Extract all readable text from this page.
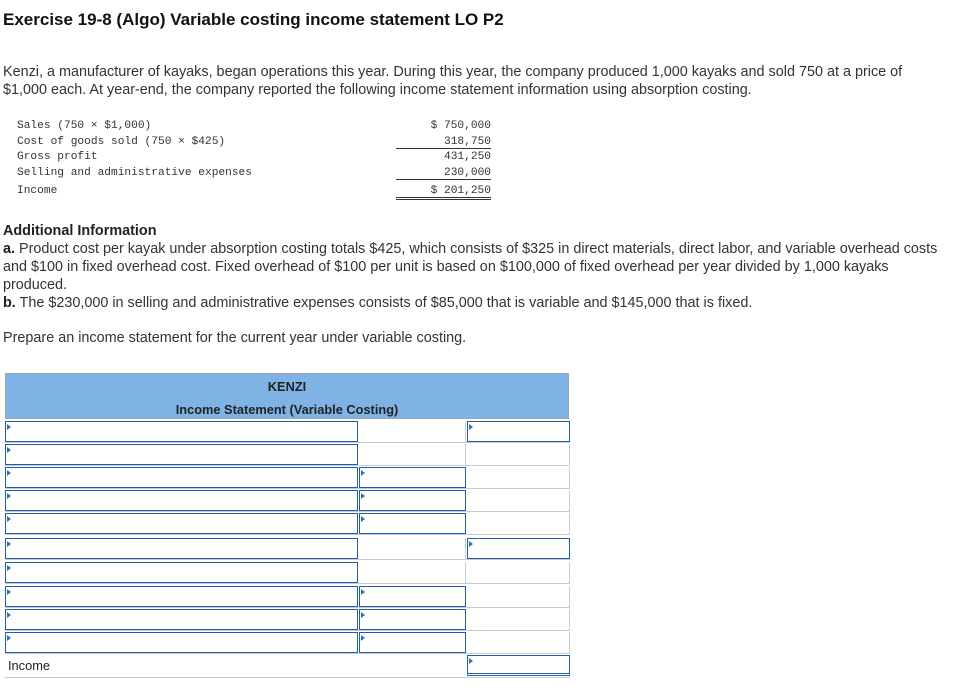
Exercise 19-8 (Algo) Variable costing income statement LO P2
Kenzi, a manufacturer of kayaks, began operations this year. During this year, the company produced 1,000 kayaks and sold 750 at a price of $1,000 each. At year-end, the company reported the following income statement information using absorption costing.
Sales (750 × $1,000)	$ 750,000
Cost of goods sold (750 × $425)	318,750
Gross profit	431,250
Selling and administrative expenses	230,000
Income	$ 201,250

Additional Information

a. Product cost per kayak under absorption costing totals $425, which consists of $325 in direct materials, direct labor, and variable overhead costs and $100 in fixed overhead cost. Fixed overhead of $100 per unit is based on $100,000 of fixed overhead per year divided by 1,000 kayaks produced.

b. The $230,000 in selling and administrative expenses consists of $85,000 that is variable and $145,000 that is fixed.

Prepare an income statement for the current year under variable costing.
KENZI
Income Statement (Variable Costing)
Income
